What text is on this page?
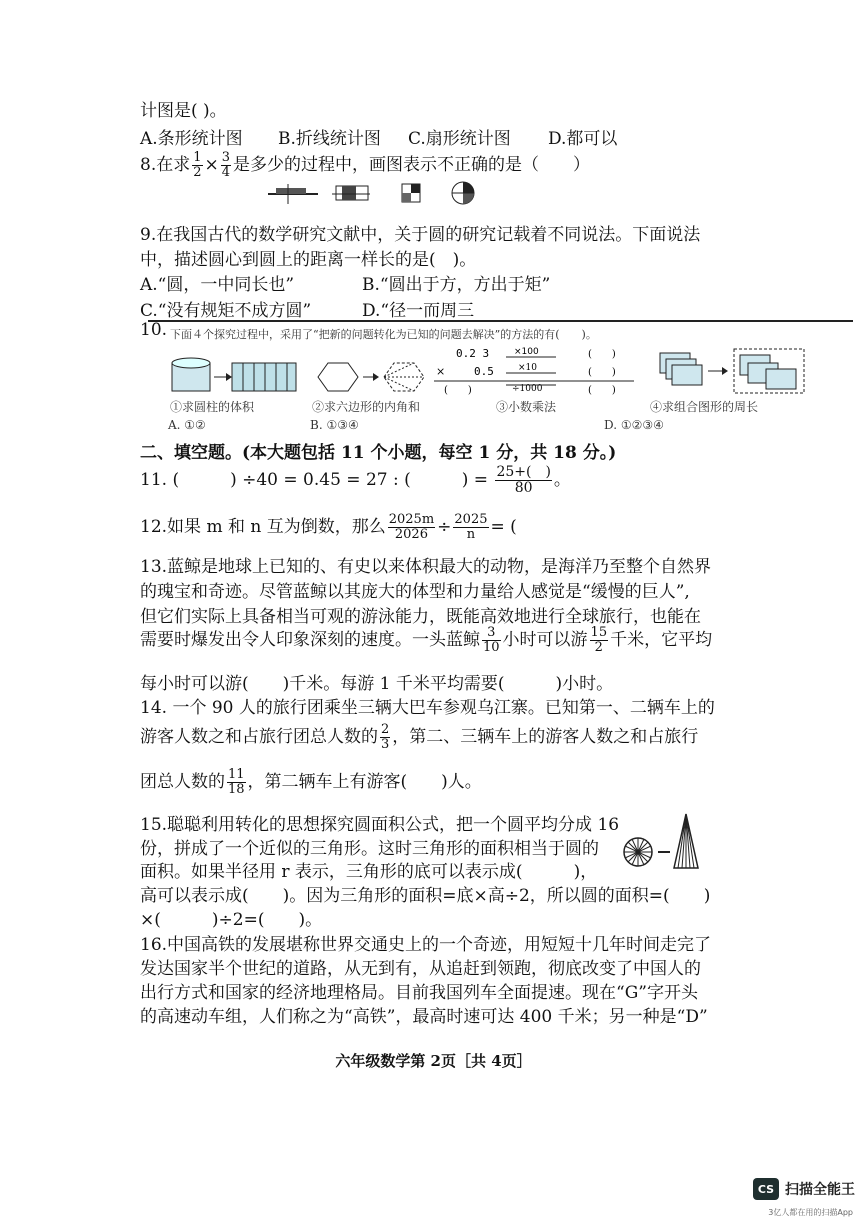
计图是( )。
A.条形统计图 B.折线统计图 C.扇形统计图 D.都可以
8.在求 $\frac{1}{2} \times \frac{3}{4}$ 是多少的过程中，画图表示不正确的是（　　）
9.在我国古代的数学研究文献中，关于圆的研究记载着不同说法。下面说法
中，描述圆心到圆上的距离一样长的是(　)。
A.“圆，一中同长也”	B.“圆出于方，方出于矩”
C.“没有规矩不成方圆”	D.“径一而周三
10. 下面４个探究过程中，采用了“把新的问题转化为已知的问题去解决”的方法的有(　　)。
0.2 3	×100	(　　)
×	0.5	×10	(　　)
(　　)	÷1000	(　　)
①求圆柱的体积	②求六边形的内角和	③小数乘法	④求组合图形的周长
A. ①②	B. ①③④	D. ①②③④
二、填空题。(本大题包括 11 个小题，每空 1 分，共 18 分。)
11. (　　　) ÷40 = 0.45 = 27 : (　　　) = $\frac{25+( )}{80}$ 。
12.如果 m 和 n 互为倒数，那么 $\frac{2025m}{2026} \div \frac{2025}{n}$ = (　　　
13.蓝鲸是地球上已知的、有史以来体积最大的动物，是海洋乃至整个自然界
的瑰宝和奇迹。尽管蓝鲸以其庞大的体型和力量给人感觉是“缓慢的巨人”,
但它们实际上具备相当可观的游泳能力，既能高效地进行全球旅行，也能在
需要时爆发出令人印象深刻的速度。一头蓝鲸 $\frac{3}{10}$ 小时可以游 $\frac{15}{2}$ 千米，它平均
每小时可以游(　　)千米。每游 1 千米平均需要(　　　)小时。
14. 一个 90 人的旅行团乘坐三辆大巴车参观乌江寨。已知第一、二辆车上的
游客人数之和占旅行团总人数的 $\frac{2}{3}$ ，第二、三辆车上的游客人数之和占旅行
团总人数的 $\frac{11}{18}$ ，第二辆车上有游客(　　)人。
15.聪聪利用转化的思想探究圆面积公式，把一个圆平均分成 16
份，拼成了一个近似的三角形。这时三角形的面积相当于圆的
面积。如果半径用 r 表示，三角形的底可以表示成(　　　)，
高可以表示成(　　)。因为三角形的面积=底×高÷2，所以圆的面积=(　　)
×(　　　)÷2=(　　)。
16.中国高铁的发展堪称世界交通史上的一个奇迹，用短短十几年时间走完了
发达国家半个世纪的道路，从无到有，从追赶到领跑，彻底改变了中国人的
出行方式和国家的经济地理格局。目前我国列车全面提速。现在“G”字开头
的高速动车组，人们称之为“高铁”，最高时速可达 400 千米；另一种是“D”
六年级数学第 2页［共 4页］
CS 扫描全能王
3亿人都在用的扫描App
